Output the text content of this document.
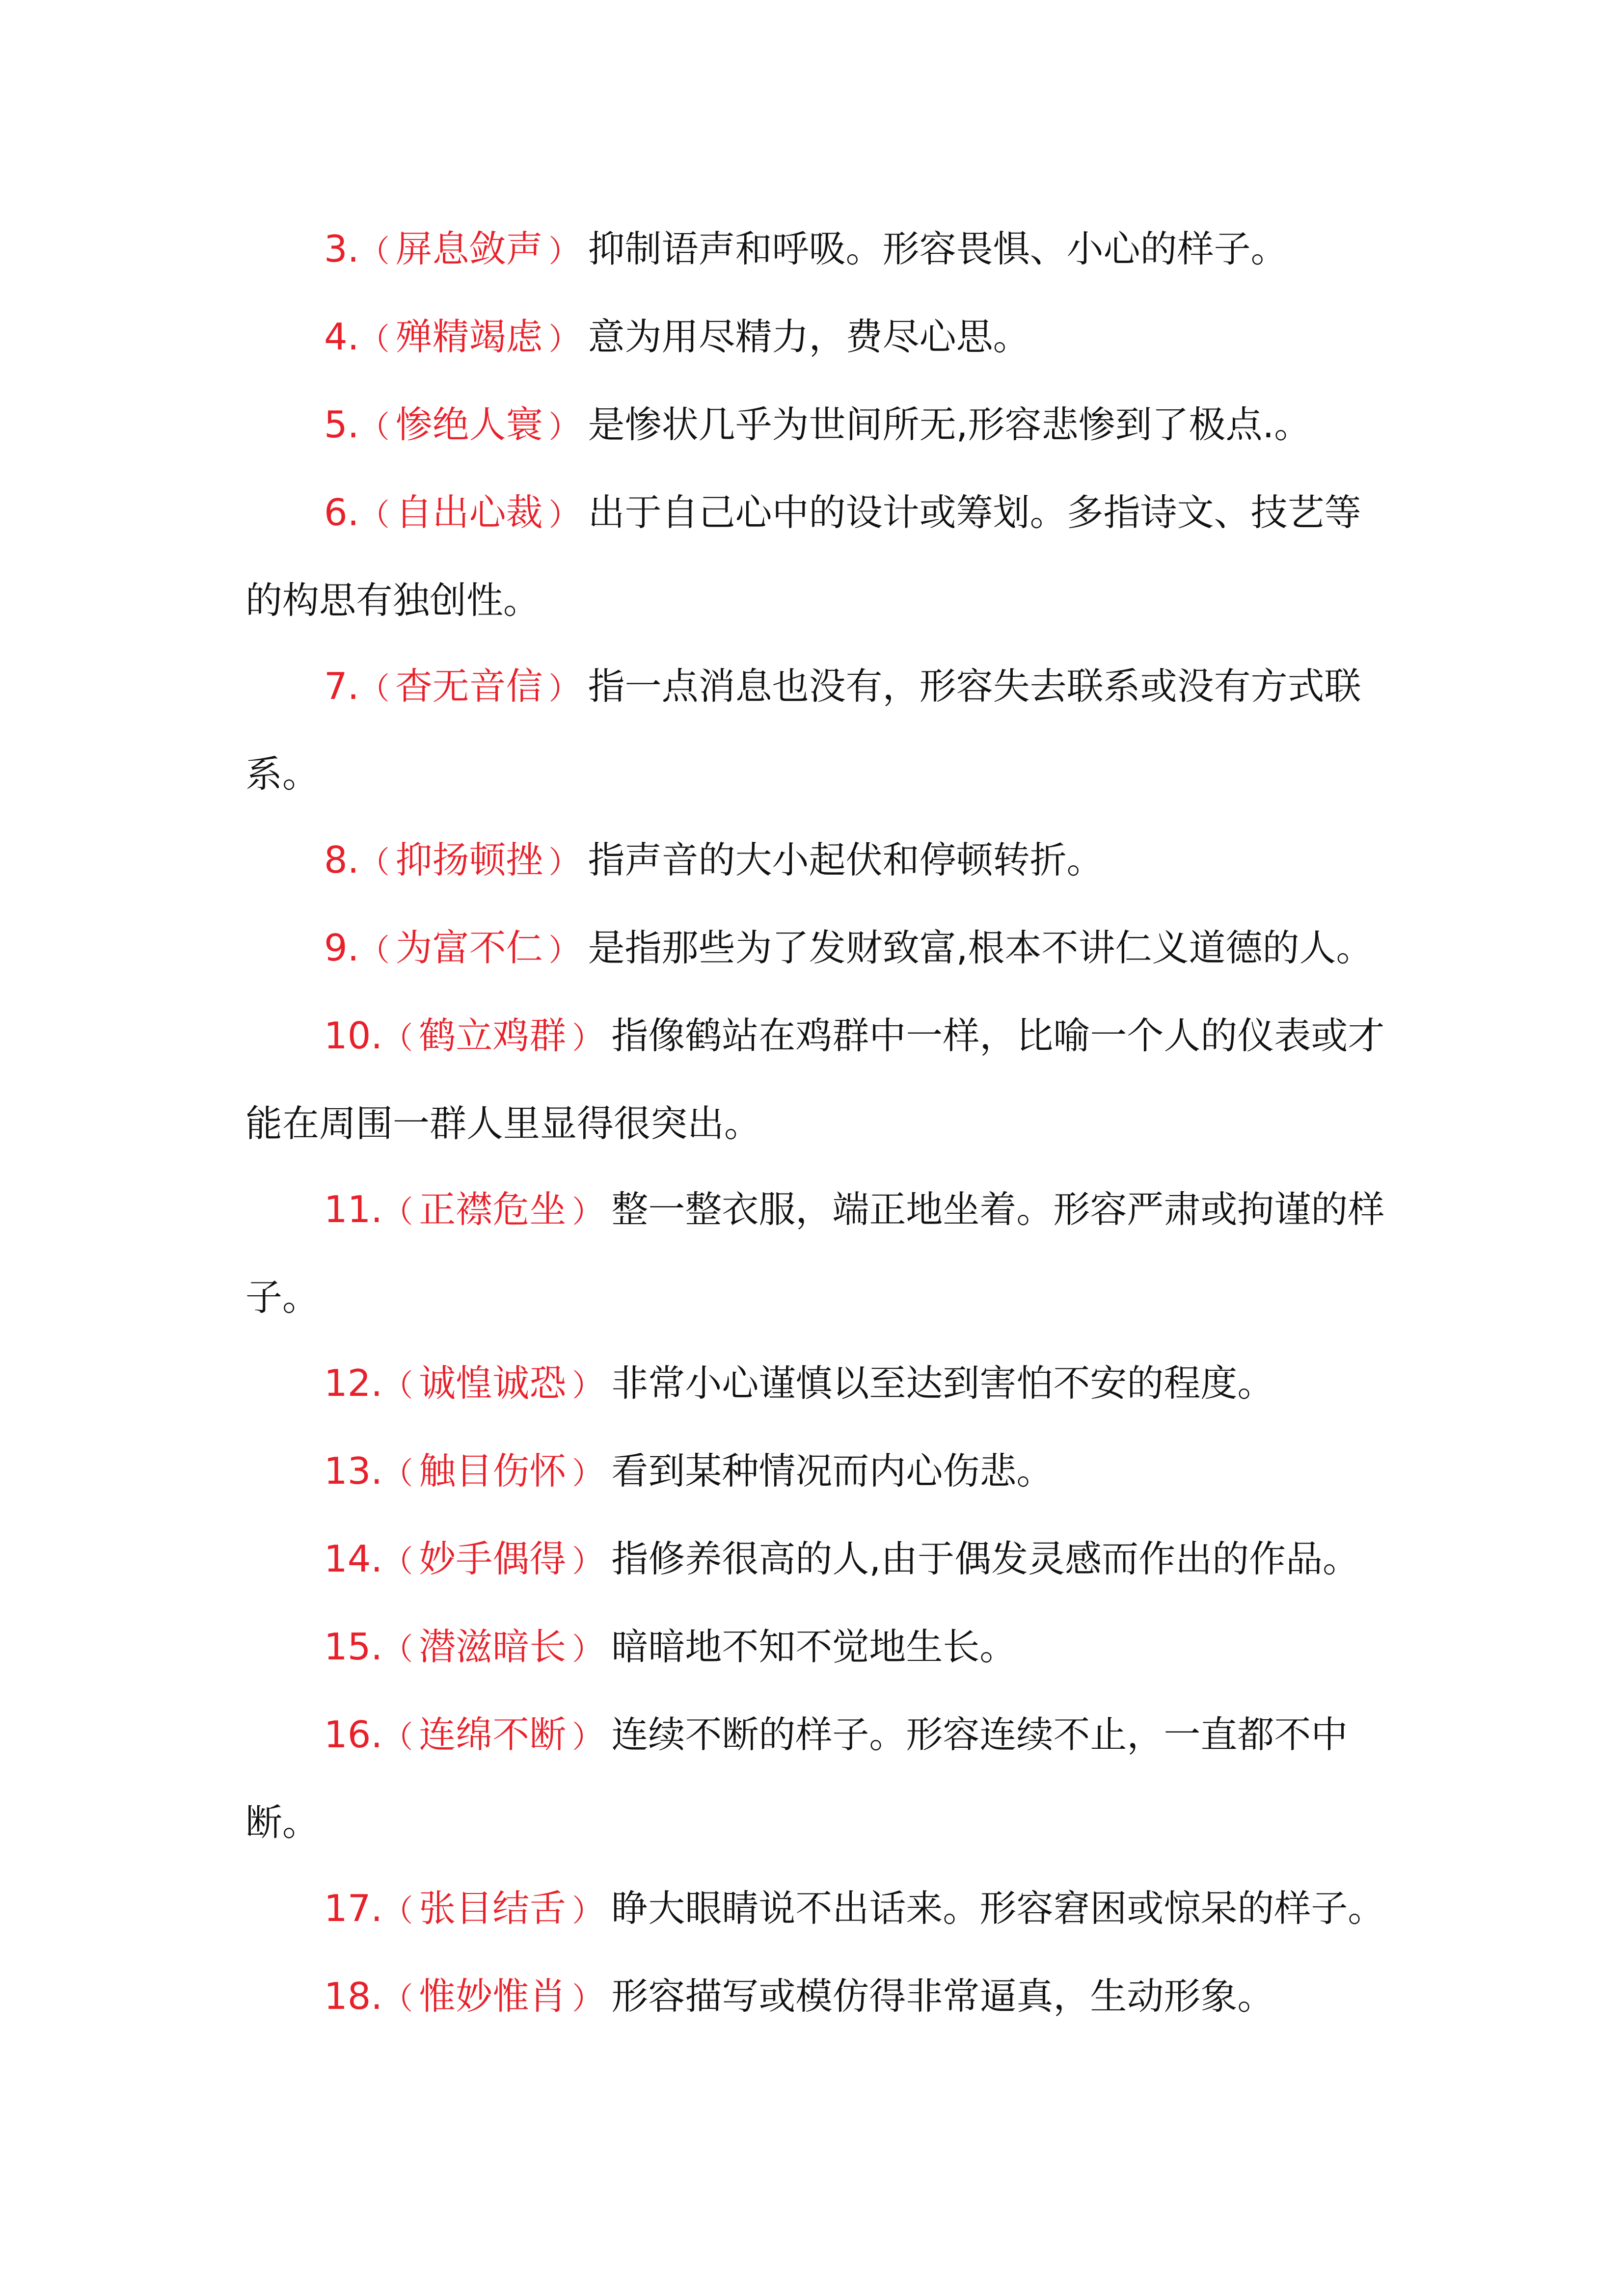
3.（ 屏息敛声 ） 抑制语声和呼吸。形容畏惧、小心的样子。

4.（ 殚精竭虑 ） 意为用尽精力，费尽心思。

5.（ 惨绝人寰 ） 是惨状几乎为世间所无,形容悲惨到了极点.。

6.（ 自出心裁 ） 出于自己心中的设计或筹划。多指诗文、技艺等的构思有独创性。

7.（ 杳无音信 ） 指一点消息也没有，形容失去联系或没有方式联系。

8.（ 抑扬顿挫 ） 指声音的大小起伏和停顿转折。

9.（ 为富不仁 ） 是指那些为了发财致富,根本不讲仁义道德的人。

10.（ 鹤立鸡群 ） 指像鹤站在鸡群中一样，比喻一个人的仪表或才能在周围一群人里显得很突出。

11.（ 正襟危坐 ） 整一整衣服，端正地坐着。形容严肃或拘谨的样子。

12.（ 诚惶诚恐 ） 非常小心谨慎以至达到害怕不安的程度。

13.（ 触目伤怀 ） 看到某种情况而内心伤悲。

14.（ 妙手偶得 ） 指修养很高的人,由于偶发灵感而作出的作品。

15.（ 潜滋暗长 ） 暗暗地不知不觉地生长。

16.（ 连绵不断 ） 连续不断的样子。形容连续不止，一直都不中断。

17.（ 张目结舌 ） 睁大眼睛说不出话来。形容窘困或惊呆的样子。

18.（ 惟妙惟肖 ） 形容描写或模仿得非常逼真，生动形象。
